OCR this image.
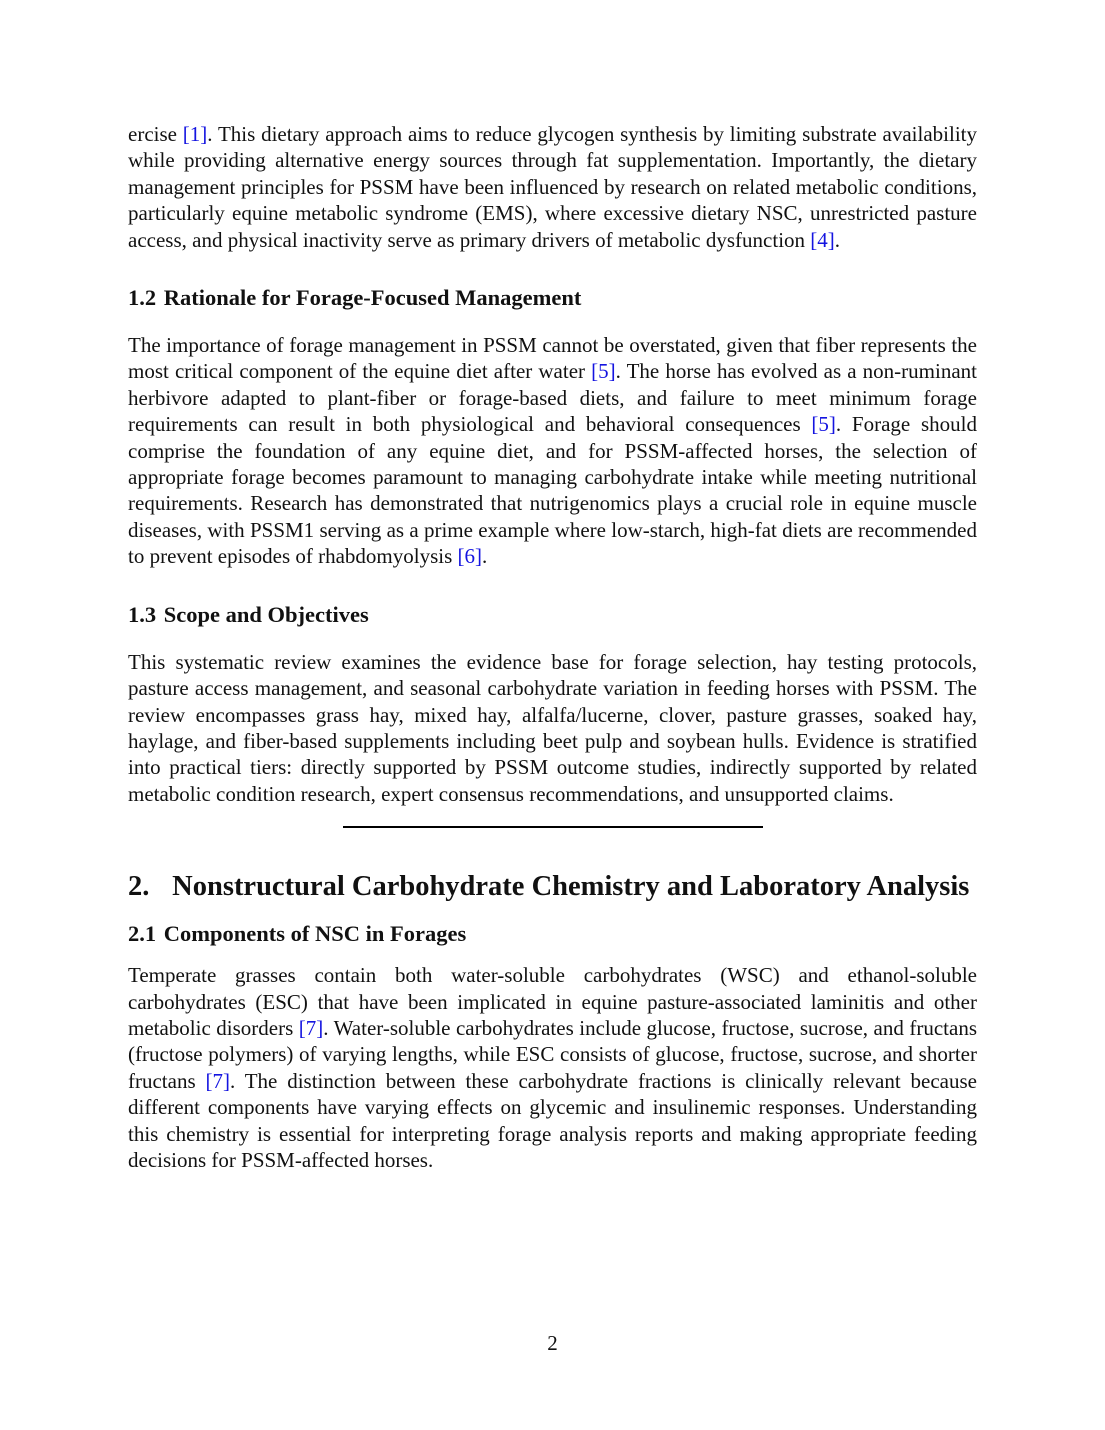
ercise [1]. This dietary approach aims to reduce glycogen synthesis by limiting substrate availability while providing alternative energy sources through fat supplementation. Importantly, the dietary management principles for PSSM have been influenced by research on related metabolic conditions, particularly equine metabolic syndrome (EMS), where excessive dietary NSC, unrestricted pasture access, and physical inactivity serve as primary drivers of metabolic dysfunction [4].

1.2 Rationale for Forage-Focused Management

The importance of forage management in PSSM cannot be overstated, given that fiber represents the most critical component of the equine diet after water [5]. The horse has evolved as a non-ruminant herbivore adapted to plant-fiber or forage-based diets, and failure to meet minimum forage requirements can result in both physiological and behavioral consequences [5]. Forage should comprise the foundation of any equine diet, and for PSSM-affected horses, the selection of appropriate forage becomes paramount to managing carbohydrate intake while meeting nutritional requirements. Research has demonstrated that nutrigenomics plays a crucial role in equine muscle diseases, with PSSM1 serving as a prime example where low-starch, high-fat diets are recommended to prevent episodes of rhabdomyolysis [6].

1.3 Scope and Objectives

This systematic review examines the evidence base for forage selection, hay testing protocols, pasture access management, and seasonal carbohydrate variation in feeding horses with PSSM. The review encompasses grass hay, mixed hay, alfalfa/lucerne, clover, pasture grasses, soaked hay, haylage, and fiber-based supplements including beet pulp and soybean hulls. Evidence is stratified into practical tiers: directly supported by PSSM outcome studies, indirectly supported by related metabolic condition research, expert consensus recommendations, and unsupported claims.

2. Nonstructural Carbohydrate Chemistry and Laboratory Analysis
2.1 Components of NSC in Forages

Temperate grasses contain both water-soluble carbohydrates (WSC) and ethanol-soluble carbohydrates (ESC) that have been implicated in equine pasture-associated laminitis and other metabolic disorders [7]. Water-soluble carbohydrates include glucose, fructose, sucrose, and fructans (fructose polymers) of varying lengths, while ESC consists of glucose, fructose, sucrose, and shorter fructans [7]. The distinction between these carbohydrate fractions is clinically relevant because different components have varying effects on glycemic and insulinemic responses. Understanding this chemistry is essential for interpreting forage analysis reports and making appropriate feeding decisions for PSSM-affected horses.

2
